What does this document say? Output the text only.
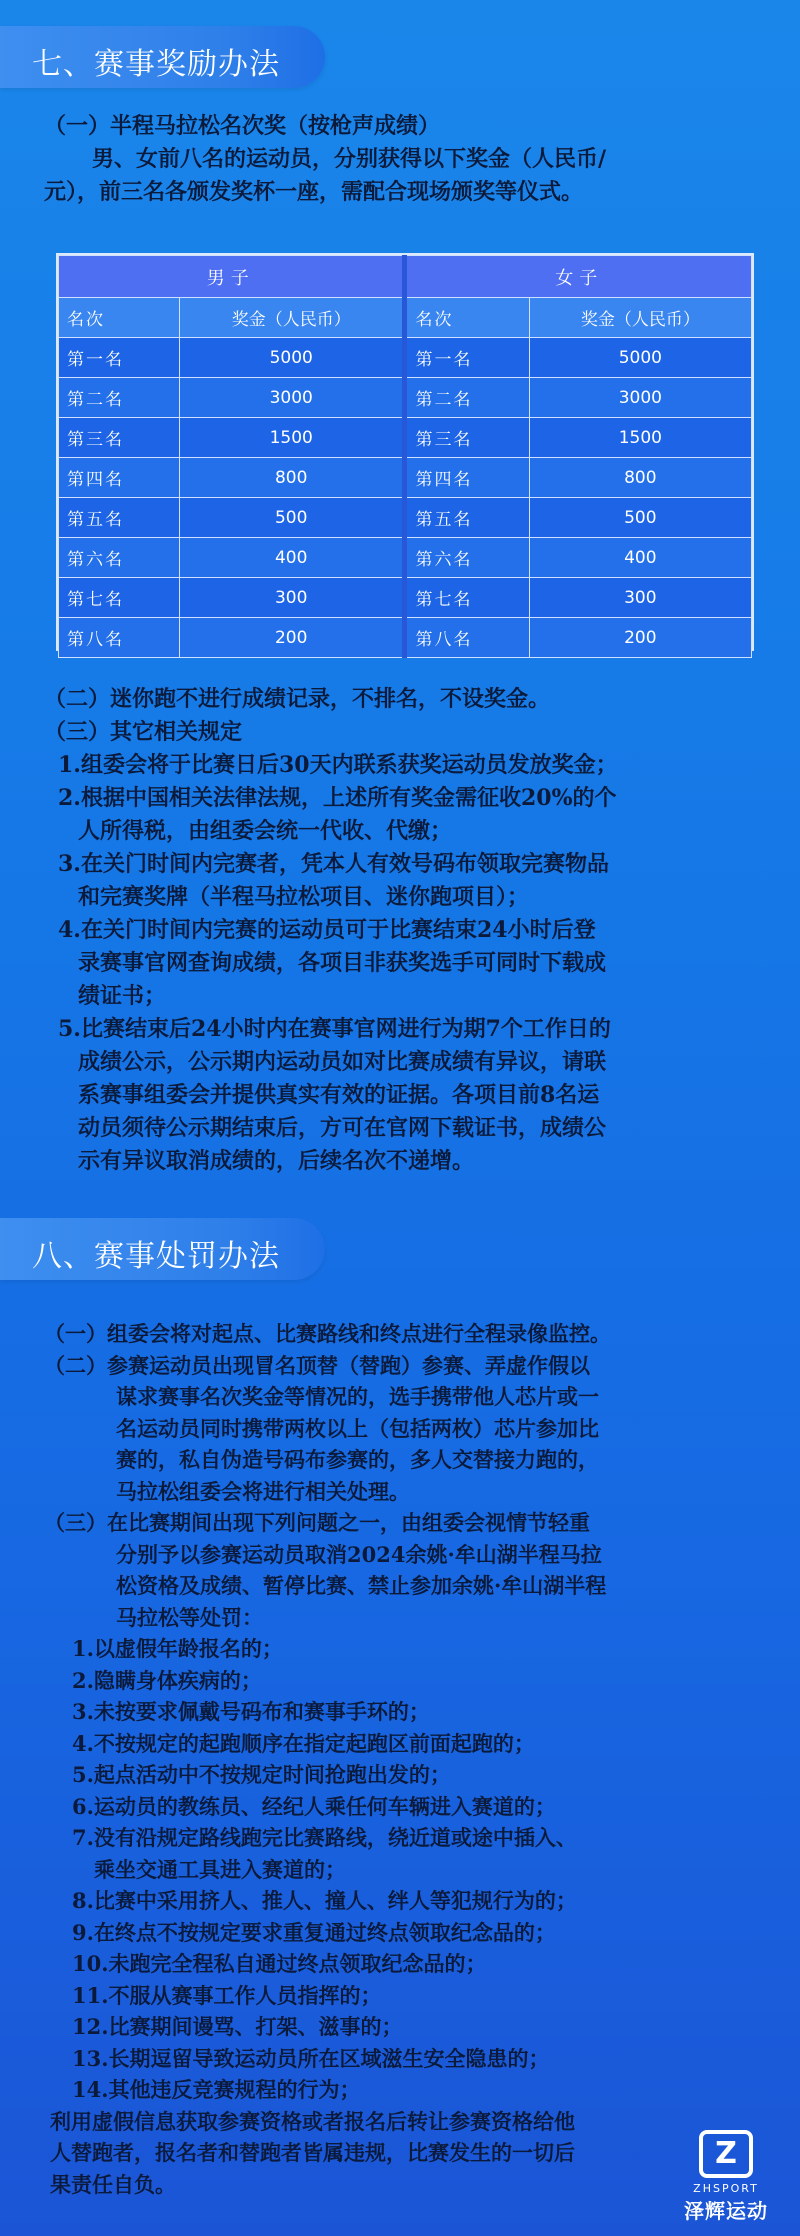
七、赛事奖励办法
（一）半程马拉松名次奖（按枪声成绩）
男、女前八名的运动员，分别获得以下奖金（人民币/
元），前三名各颁发奖杯一座，需配合现场颁奖等仪式。
男子		女子	
名次	奖金（人民币）	名次	奖金（人民币）
第一名	5000	第一名	5000
第二名	3000	第二名	3000
第三名	1500	第三名	1500
第四名	800	第四名	800
第五名	500	第五名	500
第六名	400	第六名	400
第七名	300	第七名	300
第八名	200	第八名	200
（二）迷你跑不进行成绩记录，不排名，不设奖金。
（三）其它相关规定
1.组委会将于比赛日后30天内联系获奖运动员发放奖金；
2.根据中国相关法律法规，上述所有奖金需征收20%的个
人所得税，由组委会统一代收、代缴；
3.在关门时间内完赛者，凭本人有效号码布领取完赛物品
和完赛奖牌（半程马拉松项目、迷你跑项目）；
4.在关门时间内完赛的运动员可于比赛结束24小时后登
录赛事官网查询成绩，各项目非获奖选手可同时下载成
绩证书；
5.比赛结束后24小时内在赛事官网进行为期7个工作日的
成绩公示，公示期内运动员如对比赛成绩有异议，请联
系赛事组委会并提供真实有效的证据。各项目前8名运
动员须待公示期结束后，方可在官网下载证书，成绩公
示有异议取消成绩的，后续名次不递增。
八、赛事处罚办法
（一）组委会将对起点、比赛路线和终点进行全程录像监控。
（二）参赛运动员出现冒名顶替（替跑）参赛、弄虚作假以
谋求赛事名次奖金等情况的，选手携带他人芯片或一
名运动员同时携带两枚以上（包括两枚）芯片参加比
赛的，私自伪造号码布参赛的，多人交替接力跑的，
马拉松组委会将进行相关处理。
（三）在比赛期间出现下列问题之一，由组委会视情节轻重
分别予以参赛运动员取消2024余姚·牟山湖半程马拉
松资格及成绩、暂停比赛、禁止参加余姚·牟山湖半程
马拉松等处罚：
1.以虚假年龄报名的；
2.隐瞒身体疾病的；
3.未按要求佩戴号码布和赛事手环的；
4.不按规定的起跑顺序在指定起跑区前面起跑的；
5.起点活动中不按规定时间抢跑出发的；
6.运动员的教练员、经纪人乘任何车辆进入赛道的；
7.没有沿规定路线跑完比赛路线，绕近道或途中插入、
乘坐交通工具进入赛道的；
8.比赛中采用挤人、推人、撞人、绊人等犯规行为的；
9.在终点不按规定要求重复通过终点领取纪念品的；
10.未跑完全程私自通过终点领取纪念品的；
11.不服从赛事工作人员指挥的；
12.比赛期间谩骂、打架、滋事的；
13.长期逗留导致运动员所在区域滋生安全隐患的；
14.其他违反竞赛规程的行为；
利用虚假信息获取参赛资格或者报名后转让参赛资格给他
人替跑者，报名者和替跑者皆属违规，比赛发生的一切后
果责任自负。
Z
ZHSPORT
泽辉运动
